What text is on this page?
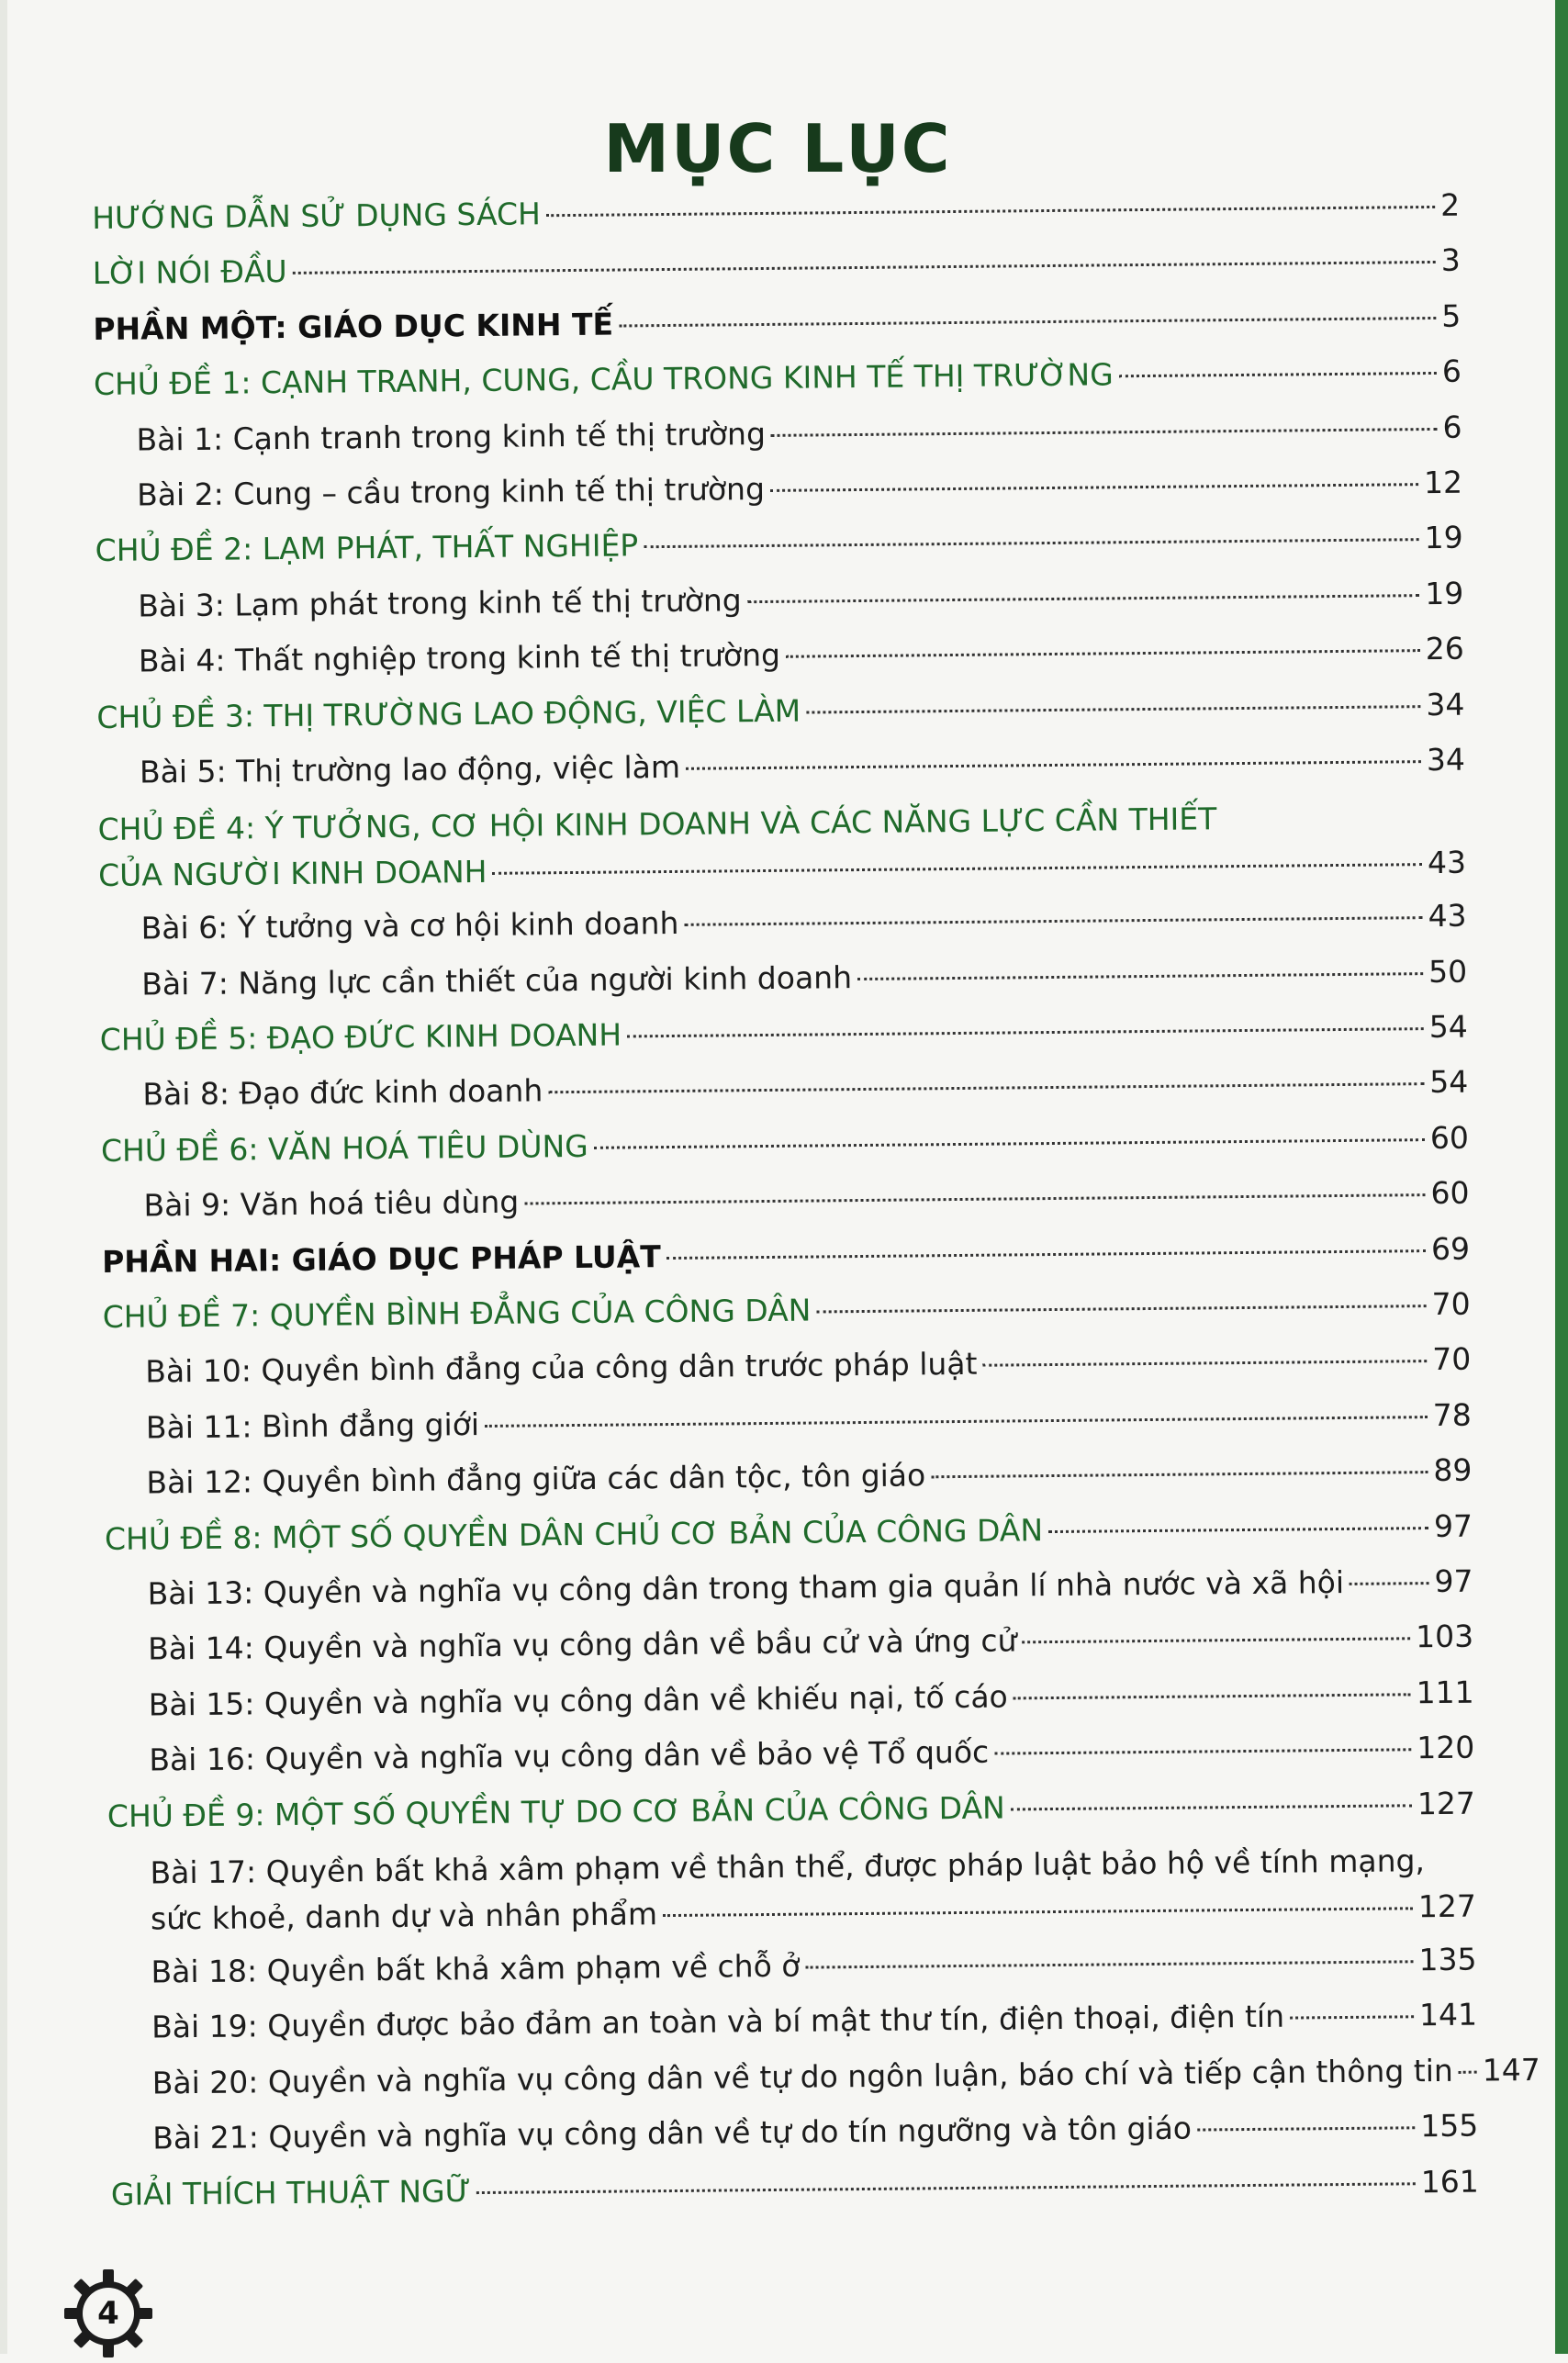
MỤC LỤC
HƯỚNG DẪN SỬ DỤNG SÁCH	2
LỜI NÓI ĐẦU	3
PHẦN MỘT: GIÁO DỤC KINH TẾ	5
CHỦ ĐỀ 1: CẠNH TRANH, CUNG, CẦU TRONG KINH TẾ THỊ TRƯỜNG	6
Bài 1: Cạnh tranh trong kinh tế thị trường	6
Bài 2: Cung – cầu trong kinh tế thị trường	12
CHỦ ĐỀ 2: LẠM PHÁT, THẤT NGHIỆP	19
Bài 3: Lạm phát trong kinh tế thị trường	19
Bài 4: Thất nghiệp trong kinh tế thị trường	26
CHỦ ĐỀ 3: THỊ TRƯỜNG LAO ĐỘNG, VIỆC LÀM	34
Bài 5: Thị trường lao động, việc làm	34
CHỦ ĐỀ 4: Ý TƯỞNG, CƠ HỘI KINH DOANH VÀ CÁC NĂNG LỰC CẦN THIẾT
CỦA NGƯỜI KINH DOANH	43
Bài 6: Ý tưởng và cơ hội kinh doanh	43
Bài 7: Năng lực cần thiết của người kinh doanh	50
CHỦ ĐỀ 5: ĐẠO ĐỨC KINH DOANH	54
Bài 8: Đạo đức kinh doanh	54
CHỦ ĐỀ 6: VĂN HOÁ TIÊU DÙNG	60
Bài 9: Văn hoá tiêu dùng	60
PHẦN HAI: GIÁO DỤC PHÁP LUẬT	69
CHỦ ĐỀ 7: QUYỀN BÌNH ĐẲNG CỦA CÔNG DÂN	70
Bài 10: Quyền bình đẳng của công dân trước pháp luật	70
Bài 11: Bình đẳng giới	78
Bài 12: Quyền bình đẳng giữa các dân tộc, tôn giáo	89
CHỦ ĐỀ 8: MỘT SỐ QUYỀN DÂN CHỦ CƠ BẢN CỦA CÔNG DÂN	97
Bài 13: Quyền và nghĩa vụ công dân trong tham gia quản lí nhà nước và xã hội	97
Bài 14: Quyền và nghĩa vụ công dân về bầu cử và ứng cử	103
Bài 15: Quyền và nghĩa vụ công dân về khiếu nại, tố cáo	111
Bài 16: Quyền và nghĩa vụ công dân về bảo vệ Tổ quốc	120
CHỦ ĐỀ 9: MỘT SỐ QUYỀN TỰ DO CƠ BẢN CỦA CÔNG DÂN	127
Bài 17: Quyền bất khả xâm phạm về thân thể, được pháp luật bảo hộ về tính mạng,
sức khoẻ, danh dự và nhân phẩm	127
Bài 18: Quyền bất khả xâm phạm về chỗ ở	135
Bài 19: Quyền được bảo đảm an toàn và bí mật thư tín, điện thoại, điện tín	141
Bài 20: Quyền và nghĩa vụ công dân về tự do ngôn luận, báo chí và tiếp cận thông tin 147
Bài 21: Quyền và nghĩa vụ công dân về tự do tín ngưỡng và tôn giáo	155
GIẢI THÍCH THUẬT NGỮ	161
4
